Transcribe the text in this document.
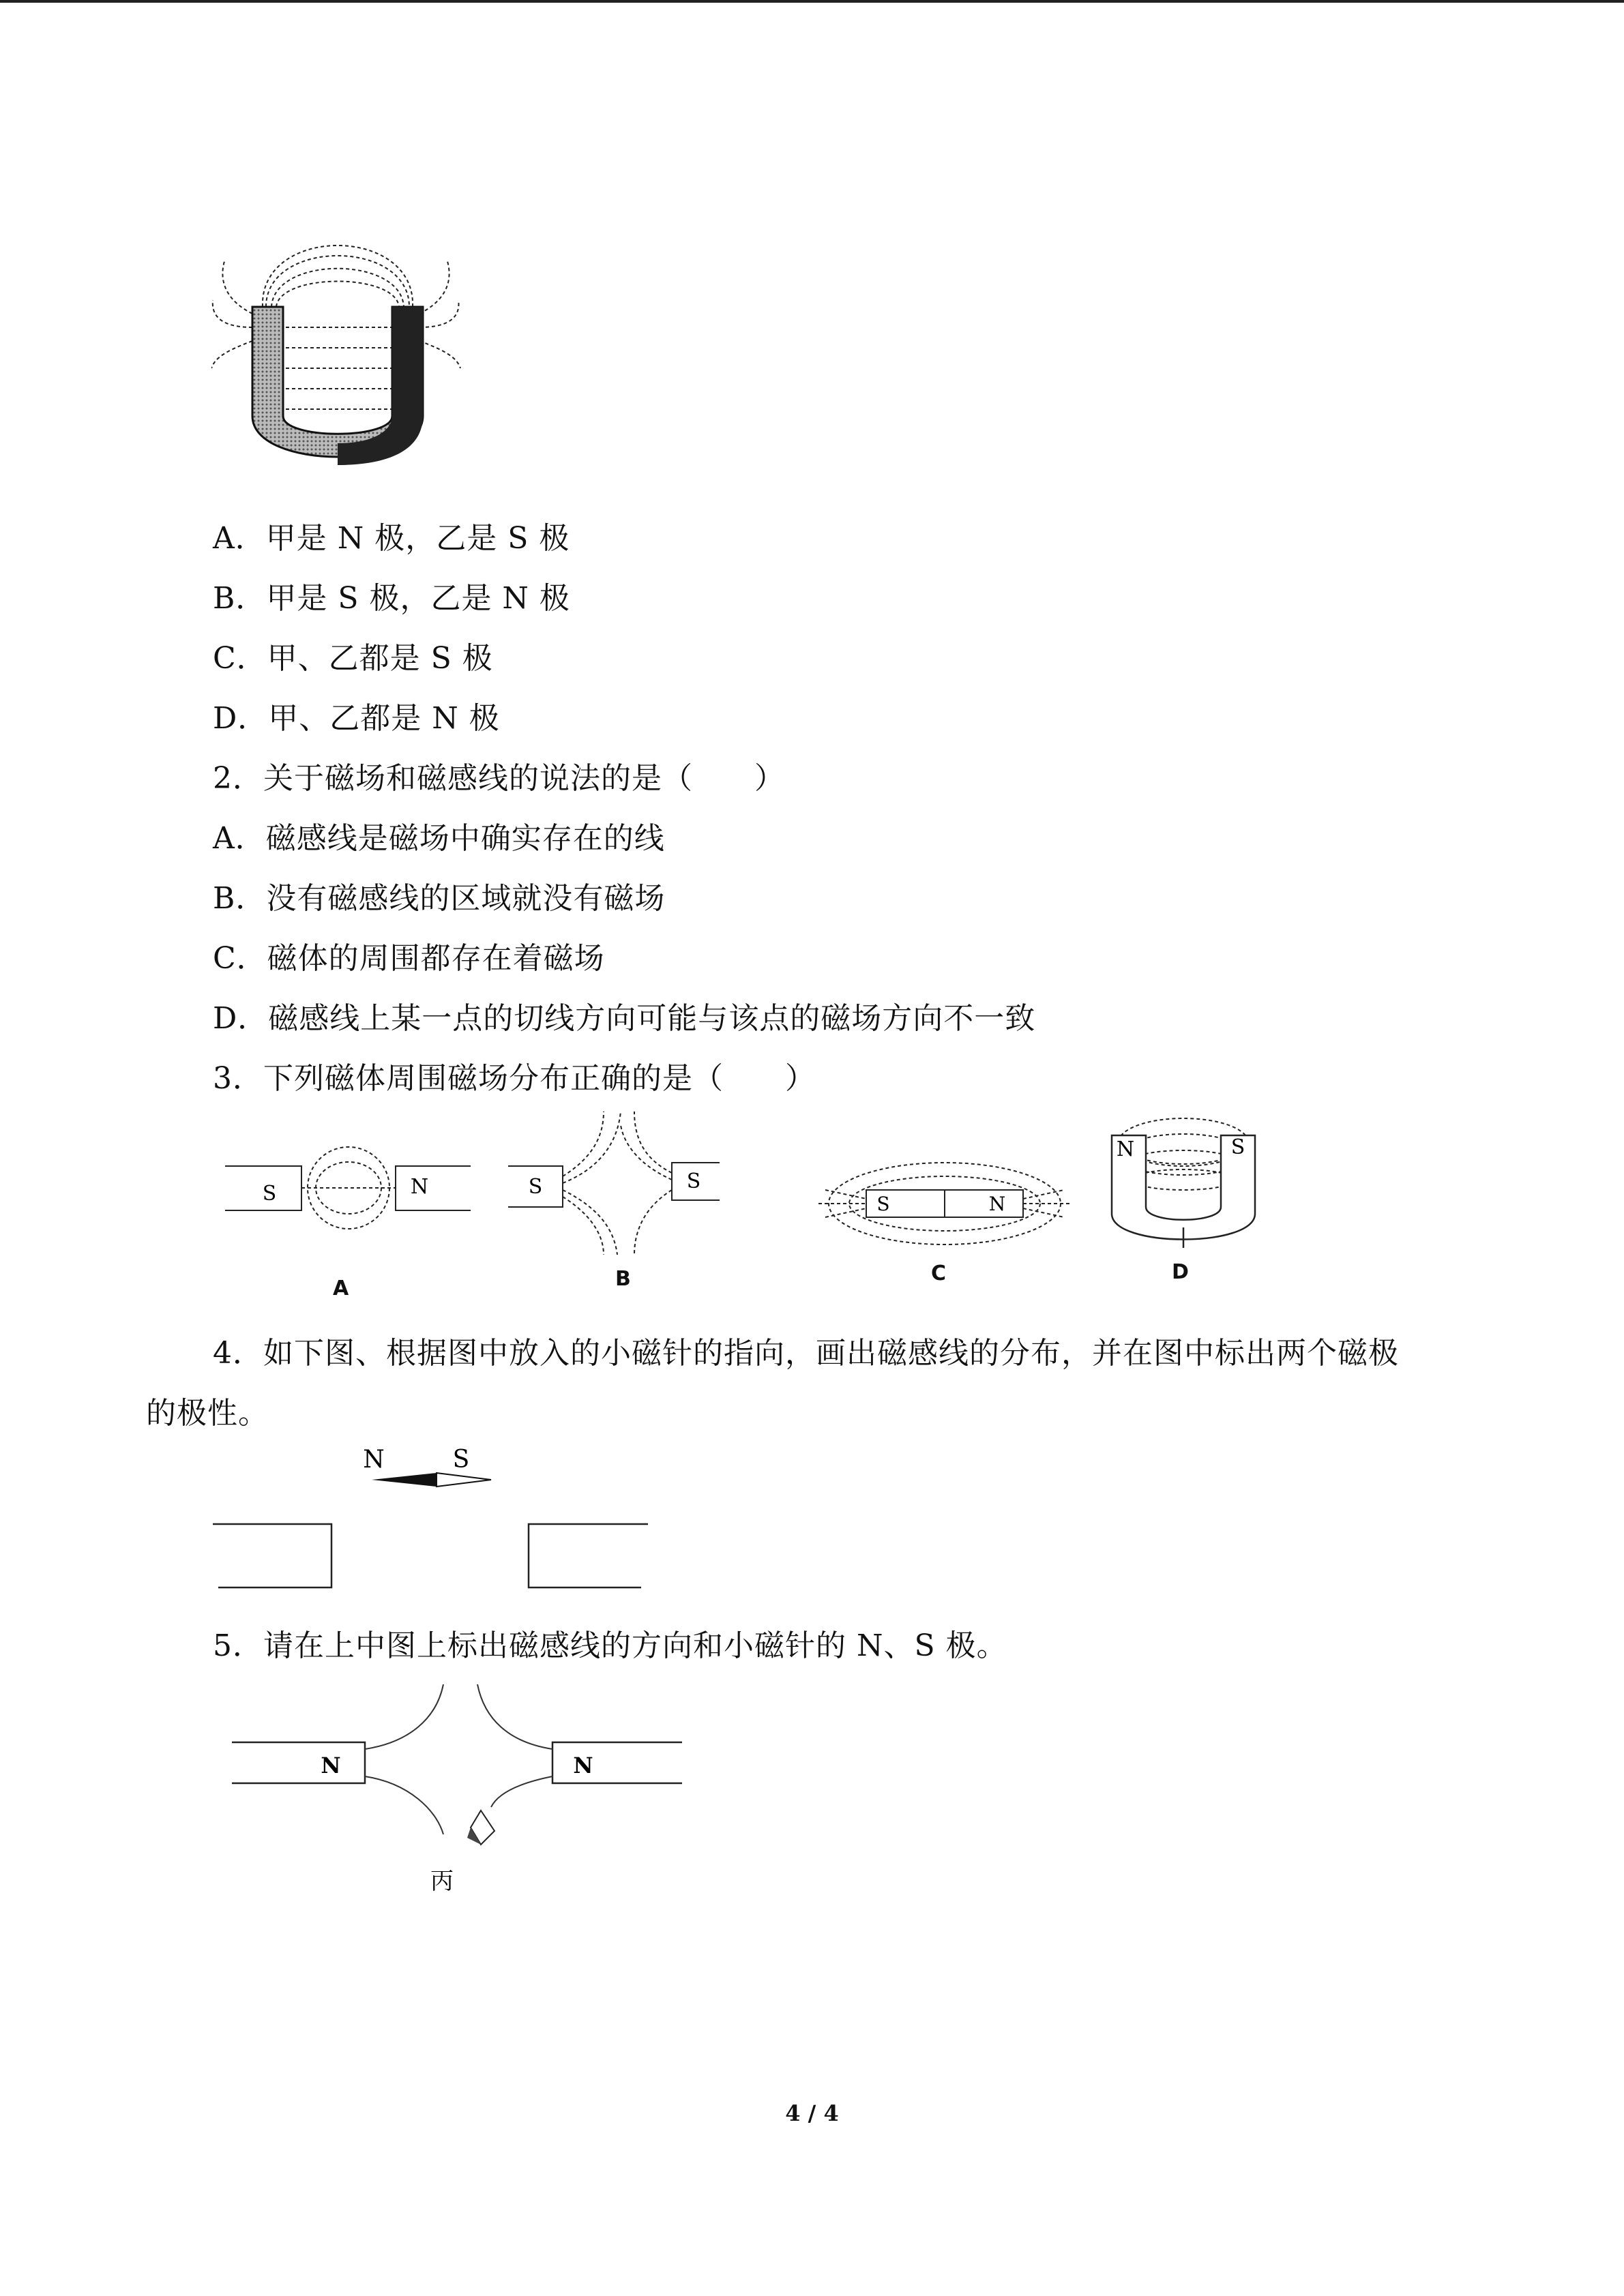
A．甲是 N 极，乙是 S 极
B．甲是 S 极，乙是 N 极
C．甲、乙都是 S 极
D．甲、乙都是 N 极
2．关于磁场和磁感线的说法的是（　　）
A．磁感线是磁场中确实存在的线
B．没有磁感线的区域就没有磁场
C．磁体的周围都存在着磁场
D．磁感线上某一点的切线方向可能与该点的磁场方向不一致
3．下列磁体周围磁场分布正确的是（　　）
S	N
A
S	S
B
S	N
C
N	S
D
4．如下图、根据图中放入的小磁针的指向，画出磁感线的分布，并在图中标出两个磁极
的极性。
N	S
5．请在上中图上标出磁感线的方向和小磁针的 N、S 极。
N	N
丙
4 / 4
